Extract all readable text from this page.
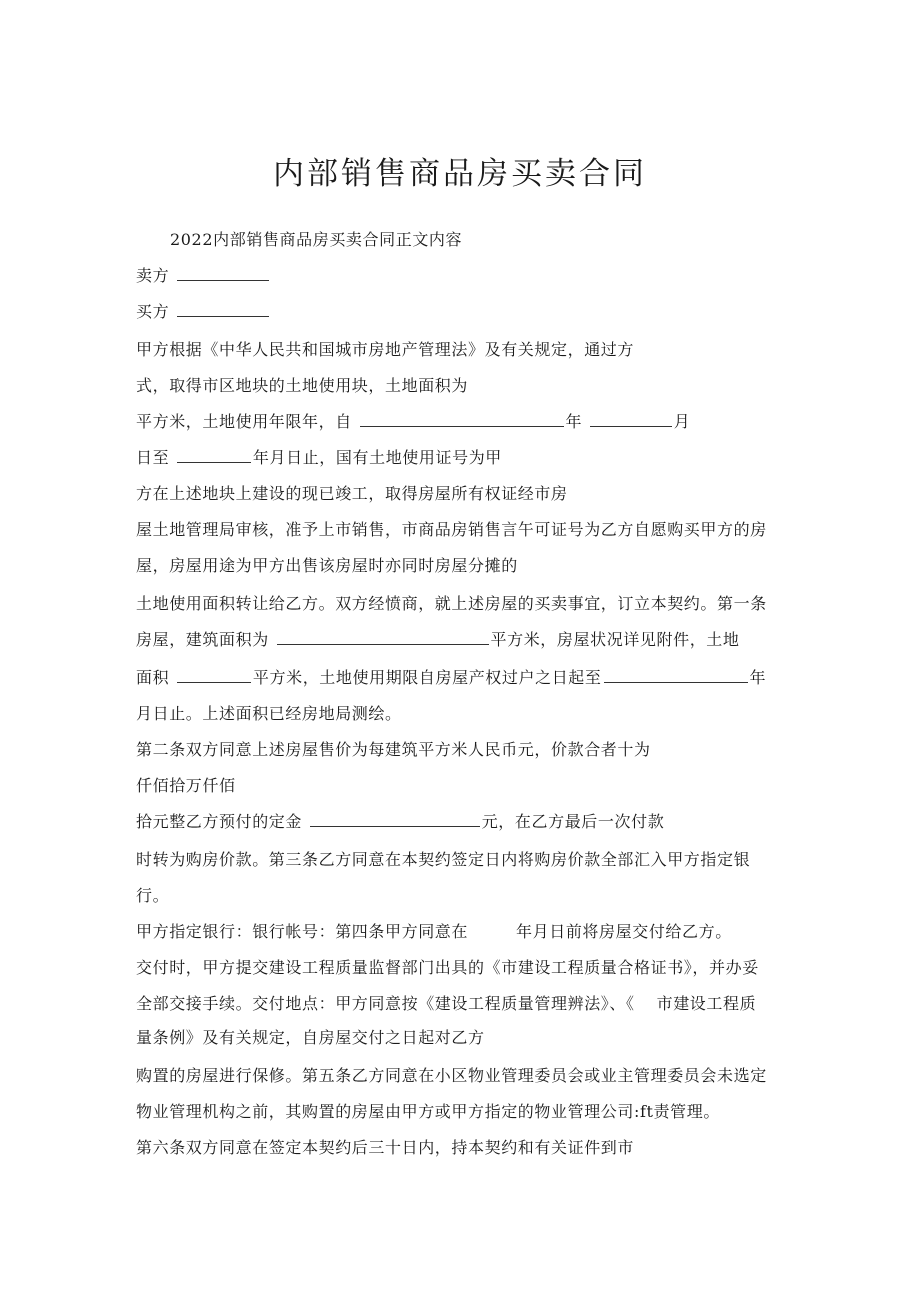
内部销售商品房买卖合同

2022内部销售商品房买卖合同正文内容

卖方

买方

甲方根据《中华人民共和国城市房地产管理法》及有关规定，通过方

式，取得市区地块的土地使用块，土地面积为

平方米，土地使用年限年，自	年	月

日至	年月日止，国有土地使用证号为甲

方在上述地块上建设的现已竣工，取得房屋所有权证经市房

屋土地管理局审核，准予上市销售，市商品房销售言午可证号为乙方自愿购买甲方的房

屋，房屋用途为甲方出售该房屋时亦同时房屋分摊的

土地使用面积转让给乙方。双方经愤商，就上述房屋的买卖事宜，订立本契约。第一条

房屋，建筑面积为	平方米，房屋状况详见附件，土地

面积	平方米，土地使用期限自房屋产权过户之日起至	年

月日止。上述面积已经房地局测绘。

第二条双方同意上述房屋售价为每建筑平方米人民币元，价款合者十为

仟佰拾万仟佰

拾元整乙方预付的定金	元，在乙方最后一次付款

时转为购房价款。第三条乙方同意在本契约签定日内将购房价款全部汇入甲方指定银

行。

甲方指定银行：银行帐号：第四条甲方同意在	年月日前将房屋交付给乙方。

交付时，甲方提交建设工程质量监督部门出具的《市建设工程质量合格证书》，并办妥

全部交接手续。交付地点：甲方同意按《建设工程质量管理辨法》、《 市建设工程质

量条例》及有关规定，自房屋交付之日起对乙方

购置的房屋进行保修。第五条乙方同意在小区物业管理委员会或业主管理委员会未选定

物业管理机构之前，其购置的房屋由甲方或甲方指定的物业管理公司:ft责管理。

第六条双方同意在签定本契约后三十日内，持本契约和有关证件到市
